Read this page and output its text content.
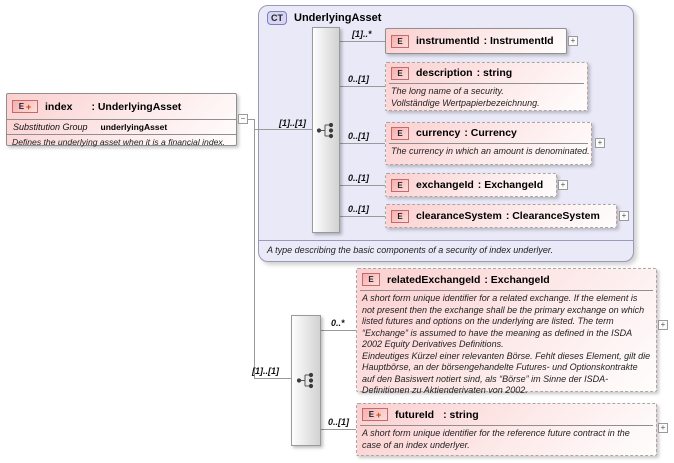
CT	UnderlyingAsset
A type describing the basic components of a security of index underlyer.
[1]..[1]
[1]..[1]
[1]..*
0..[1]
0..[1]
0..[1]
0..[1]
0..*
0..[1]
E + index : UnderlyingAsset
Substitution Group underlyingAsset
Defines the underlying asset when it is a financial index.
−
E	instrumentId : InstrumentId	+
E	description : string
The long name of a security.
Vollständige Wertpapierbezeichnung.
E	currency : Currency
The currency in which an amount is denominated.
+
E	exchangeId : ExchangeId	+
E	clearanceSystem : ClearanceSystem	+
E	relatedExchangeId : ExchangeId
A short form unique identifier for a related exchange. If the element is not present then the exchange shall be the primary exchange on which listed futures and options on the underlying are listed. The term “Exchange” is assumed to have the meaning as defined in the ISDA 2002 Equity Derivatives Definitions.
Eindeutiges Kürzel einer relevanten Börse. Fehlt dieses Element, gilt die Hauptbörse, an der börsengehandelte Futures- und Optionskontrakte auf den Basiswert notiert sind, als “Börse” im Sinne der ISDA-Definitionen zu Aktienderivaten von 2002.
+
E + futureId : string
A short form unique identifier for the reference future contract in the case of an index underlyer.
+
